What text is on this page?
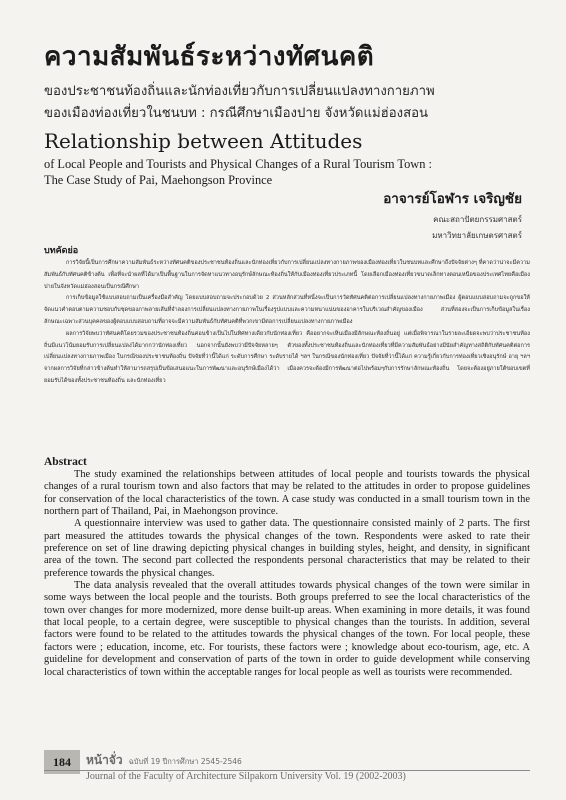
ความสัมพันธ์ระหว่างทัศนคติ
ของประชาชนท้องถิ่นและนักท่องเที่ยวกับการเปลี่ยนแปลงทางกายภาพ
ของเมืองท่องเที่ยวในชนบท : กรณีศึกษาเมืองปาย จังหวัดแม่ฮ่องสอน
Relationship between Attitudes
of Local People and Tourists and Physical Changes of a Rural Tourism Town :
The Case Study of Pai, Maehongson Province
อาจารย์โอฬาร เจริญชัย
คณะสถาปัตยกรรมศาสตร์
มหาวิทยาลัยเกษตรศาสตร์
บทคัดย่อ

การวิจัยนี้เป็นการศึกษาความสัมพันธ์ระหว่างทัศนคติของประชาชนท้องถิ่นและนักท่องเที่ยวกับการเปลี่ยนแปลงทางกายภาพของเมืองท่องเที่ยวในชนบทและศึกษาถึงปัจจัยต่างๆ ที่คาดว่าน่าจะมีความสัมพันธ์กับทัศนคติข้างต้น เพื่อที่จะนำผลที่ได้มาเป็นพื้นฐานในการจัดหาแนวทางอนุรักษ์ลักษณะท้องถิ่นให้กับเมืองท่องเที่ยวประเภทนี้ โดยเลือกเมืองท่องเที่ยวขนาดเล็กทางตอนเหนือของประเทศไทยคือเมืองปายในจังหวัดแม่ฮ่องสอนเป็นกรณีศึกษา

การเก็บข้อมูลใช้แบบสอบถามเป็นเครื่องมือสำคัญ โดยแบบสอบถามจะประกอบด้วย 2 ส่วนหลักส่วนที่หนึ่งจะเป็นการวัดทัศนคติต่อการเปลี่ยนแปลงทางกายภาพเมือง ผู้ตอบแบบสอบถามจะถูกขอให้จัดแนวคำตอบตามความชอบกับชุดของภาพลายเส้นที่จำลองการเปลี่ยนแปลงทางกายภาพในเรื่องรูปแบบและความหนาแน่นของอาคารในบริเวณสำคัญของเมือง ส่วนที่สองจะเป็นการเก็บข้อมูลในเรื่องลักษณะเฉพาะส่วนบุคคลของผู้ตอบแบบสอบถามที่อาจจะมีความสัมพันธ์กับทัศนคติที่พวกเขามีต่อการเปลี่ยนแปลงทางกายภาพเมือง

ผลการวิจัยพบว่าทัศนคติโดยรวมของประชาชนท้องถิ่นค่อนข้างเป็นไปในทิศทางเดียวกับนักท่องเที่ยว คืออยากจะเห็นเมืองมีลักษณะท้องถิ่นอยู่ แต่เมื่อพิจารณาในรายละเอียดจะพบว่าประชาชนท้องถิ่นมีแนวโน้มยอมรับการเปลี่ยนแปลงได้มากกว่านักท่องเที่ยว นอกจากนั้นยังพบว่ามีปัจจัยหลายๆ ตัวของทั้งประชาชนท้องถิ่นและนักท่องเที่ยวที่มีความสัมพันธ์อย่างมีนัยสำคัญทางสถิติกับทัศนคติต่อการเปลี่ยนแปลงทางกายภาพเมือง ในกรณีของประชาชนท้องถิ่น ปัจจัยที่ว่านี้ได้แก่ ระดับการศึกษา ระดับรายได้ ฯลฯ ในกรณีของนักท่องเที่ยว ปัจจัยที่ว่านี้ได้แก่ ความรู้เกี่ยวกับการท่องเที่ยวเชิงอนุรักษ์ อายุ ฯลฯ จากผลการวิจัยที่กล่าวข้างต้นทำให้สามารถสรุปเป็นข้อเสนอแนะในการพัฒนาและอนุรักษ์เมืองได้ว่า เมืองควรจะต้องมีการพัฒนาต่อไปพร้อมๆกับการรักษาลักษณะท้องถิ่น โดยจะต้องอยู่ภายใต้ขอบเขตที่ยอมรับได้ของทั้งประชาชนท้องถิ่น และนักท่องเที่ยว

Abstract

The study examined the relationships between attitudes of local people and tourists towards the physical changes of a rural tourism town and also factors that may be related to the attitudes in order to propose guidelines for conservation of the local characteristics of the town. A case study was conducted in a small tourism town in the northern part of Thailand, Pai, in Maehongson province.

A questionnaire interview was used to gather data. The questionnaire consisted mainly of 2 parts. The first part measured the attitudes towards the physical changes of the town. Respondents were asked to rate their preference on set of line drawing depicting physical changes in building styles, height, and density, in significant area of the town. The second part collected the respondents personal characteristics that may be related to their preference towards the physical changes.

The data analysis revealed that the overall attitudes towards physical changes of the town were similar in some ways between the local people and the tourists. Both groups preferred to see the local characteristics of the town over changes for more modernized, more dense built-up areas. When examining in more details, it was found that local people, to a certain degree, were susceptible to physical changes than the tourists. In addition, several factors were found to be related to the attitudes towards the physical changes of the town. For local people, these factors were ; education, income, etc. For tourists, these factors were ; knowledge about eco-tourism, age, etc. A guideline for development and conservation of parts of the town in order to guide development while conserving local characteristics of town within the acceptable ranges for local people as well as tourists were recommended.

184	หน้าจั่ว ฉบับที่ 19 ปีการศึกษา 2545-2546
Journal of the Faculty of Architecture Silpakorn University Vol. 19 (2002-2003)
